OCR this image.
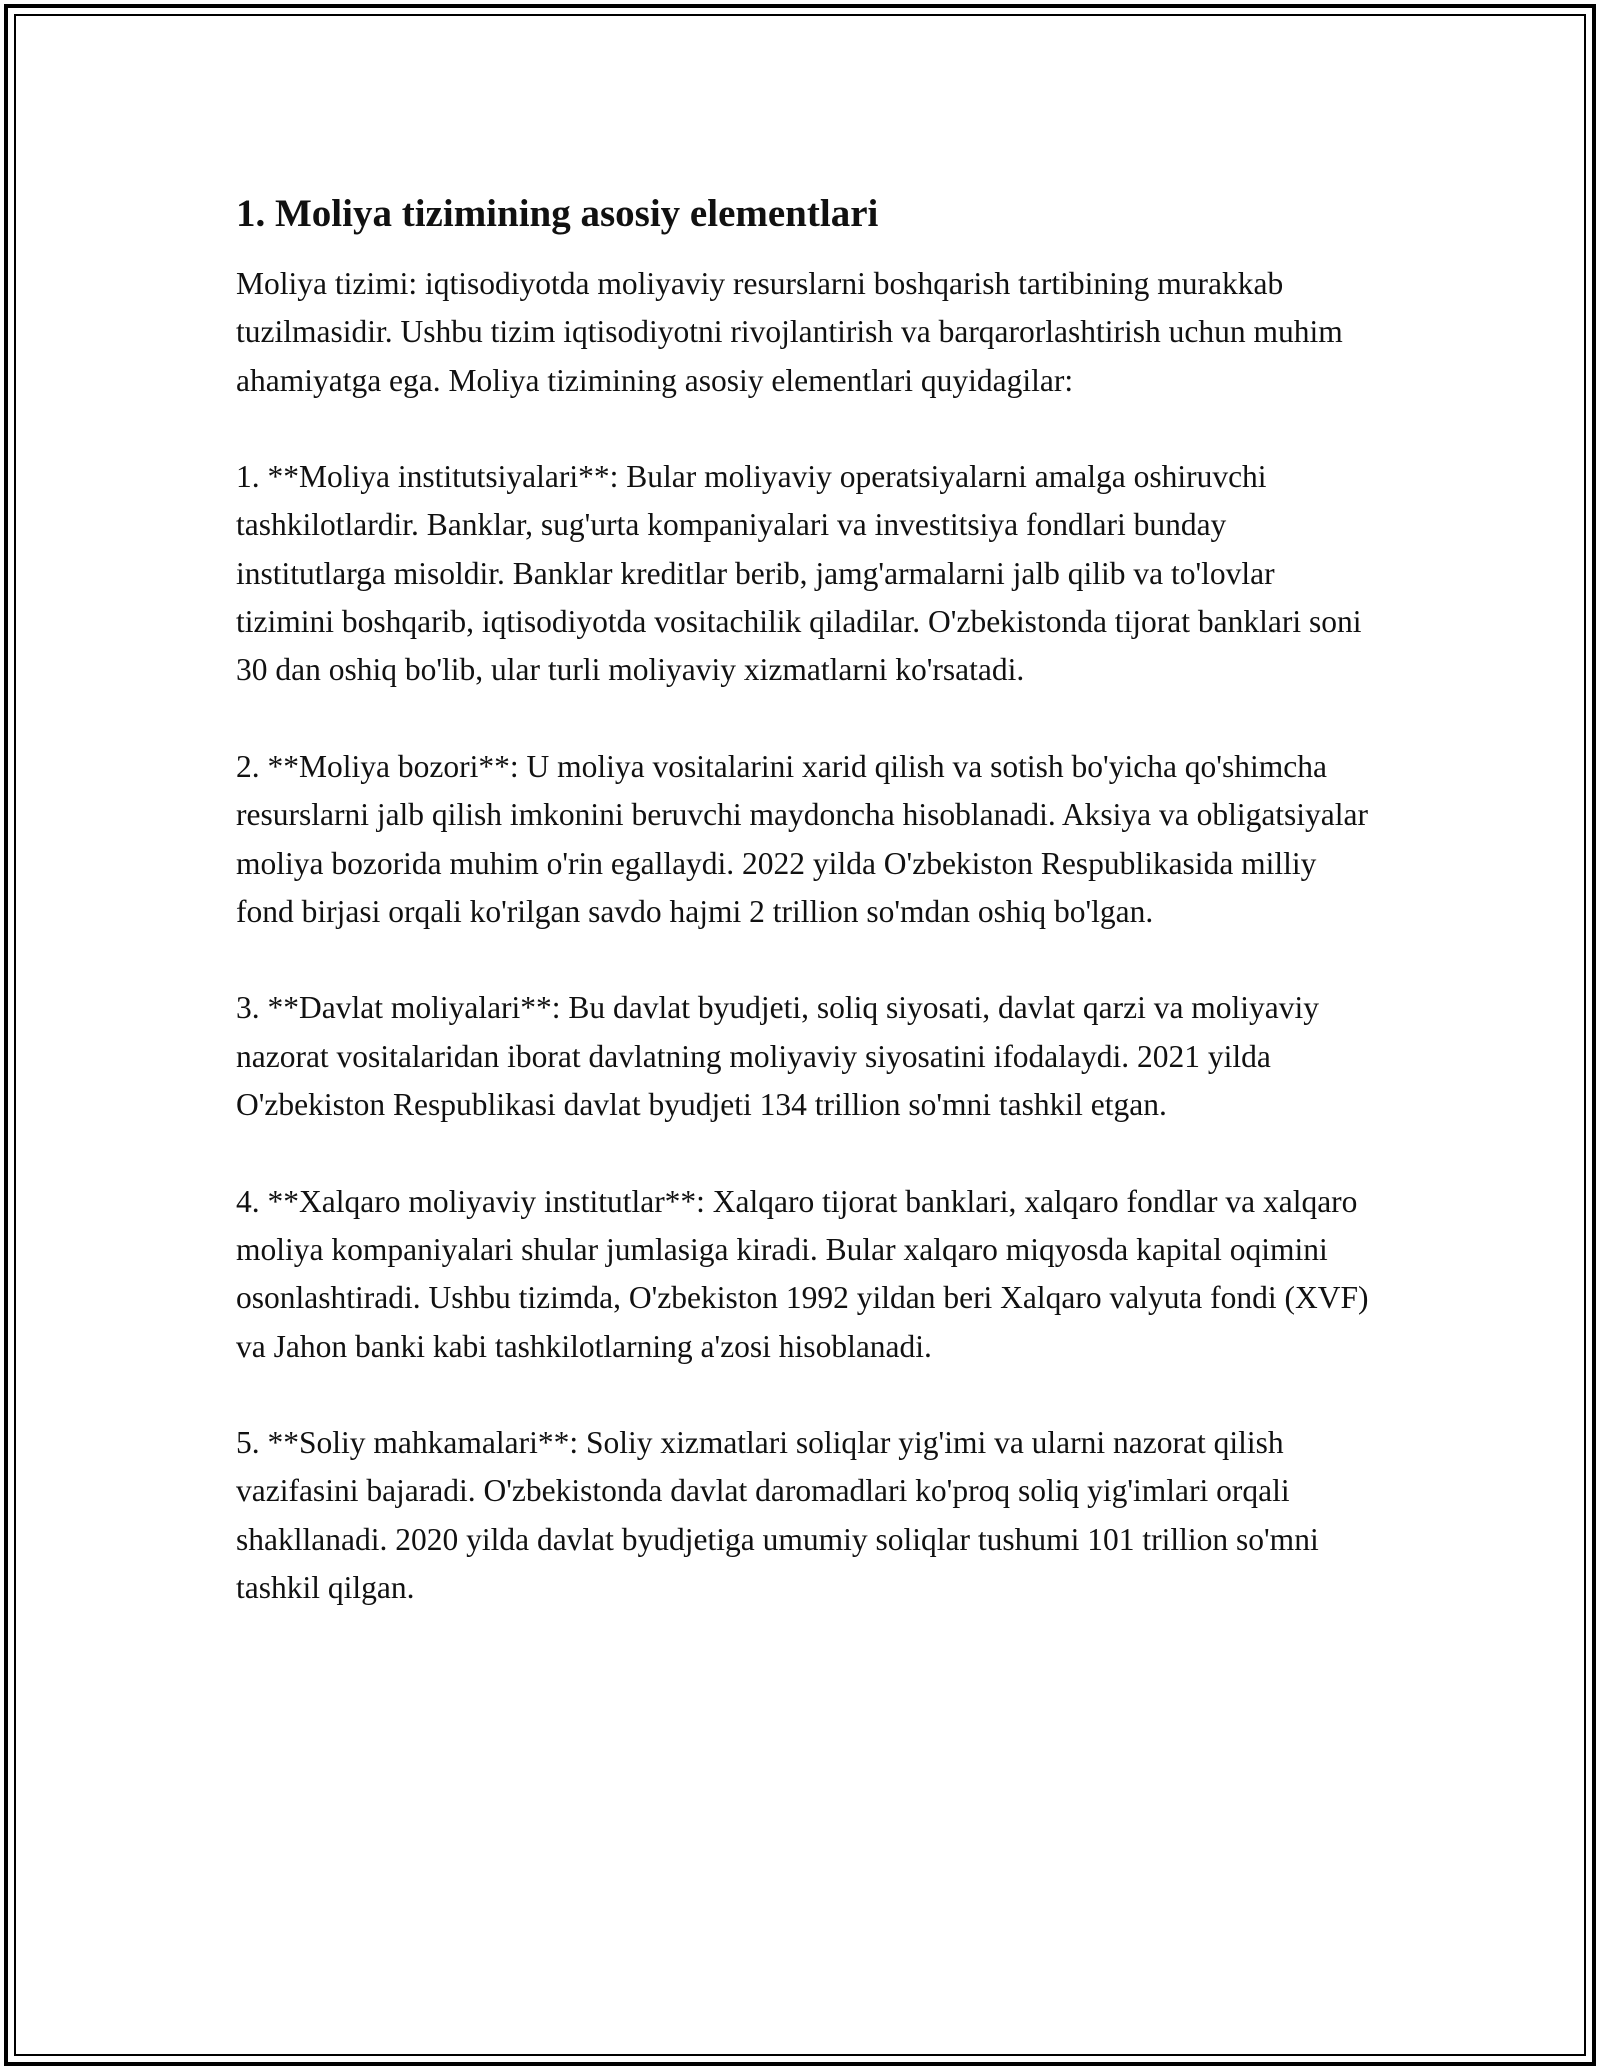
1. Moliya tizimining asosiy elementlari

Moliya tizimi: iqtisodiyotda moliyaviy resurslarni boshqarish tartibining murakkab tuzilmasidir. Ushbu tizim iqtisodiyotni rivojlantirish va barqarorlashtirish uchun muhim ahamiyatga ega. Moliya tizimining asosiy elementlari quyidagilar:

1. **Moliya institutsiyalari**: Bular moliyaviy operatsiyalarni amalga oshiruvchi tashkilotlardir. Banklar, sug'urta kompaniyalari va investitsiya fondlari bunday institutlarga misoldir. Banklar kreditlar berib, jamg'armalarni jalb qilib va to'lovlar tizimini boshqarib, iqtisodiyotda vositachilik qiladilar. O'zbekistonda tijorat banklari soni 30 dan oshiq bo'lib, ular turli moliyaviy xizmatlarni ko'rsatadi.

2. **Moliya bozori**: U moliya vositalarini xarid qilish va sotish bo'yicha qo'shimcha resurslarni jalb qilish imkonini beruvchi maydoncha hisoblanadi. Aksiya va obligatsiyalar moliya bozorida muhim o'rin egallaydi. 2022 yilda O'zbekiston Respublikasida milliy fond birjasi orqali ko'rilgan savdo hajmi 2 trillion so'mdan oshiq bo'lgan.

3. **Davlat moliyalari**: Bu davlat byudjeti, soliq siyosati, davlat qarzi va moliyaviy nazorat vositalaridan iborat davlatning moliyaviy siyosatini ifodalaydi. 2021 yilda O'zbekiston Respublikasi davlat byudjeti 134 trillion so'mni tashkil etgan.

4. **Xalqaro moliyaviy institutlar**: Xalqaro tijorat banklari, xalqaro fondlar va xalqaro moliya kompaniyalari shular jumlasiga kiradi. Bular xalqaro miqyosda kapital oqimini osonlashtiradi. Ushbu tizimda, O'zbekiston 1992 yildan beri Xalqaro valyuta fondi (XVF) va Jahon banki kabi tashkilotlarning a'zosi hisoblanadi.

5. **Soliy mahkamalari**: Soliy xizmatlari soliqlar yig'imi va ularni nazorat qilish vazifasini bajaradi. O'zbekistonda davlat daromadlari ko'proq soliq yig'imlari orqali shakllanadi. 2020 yilda davlat byudjetiga umumiy soliqlar tushumi 101 trillion so'mni tashkil qilgan.
